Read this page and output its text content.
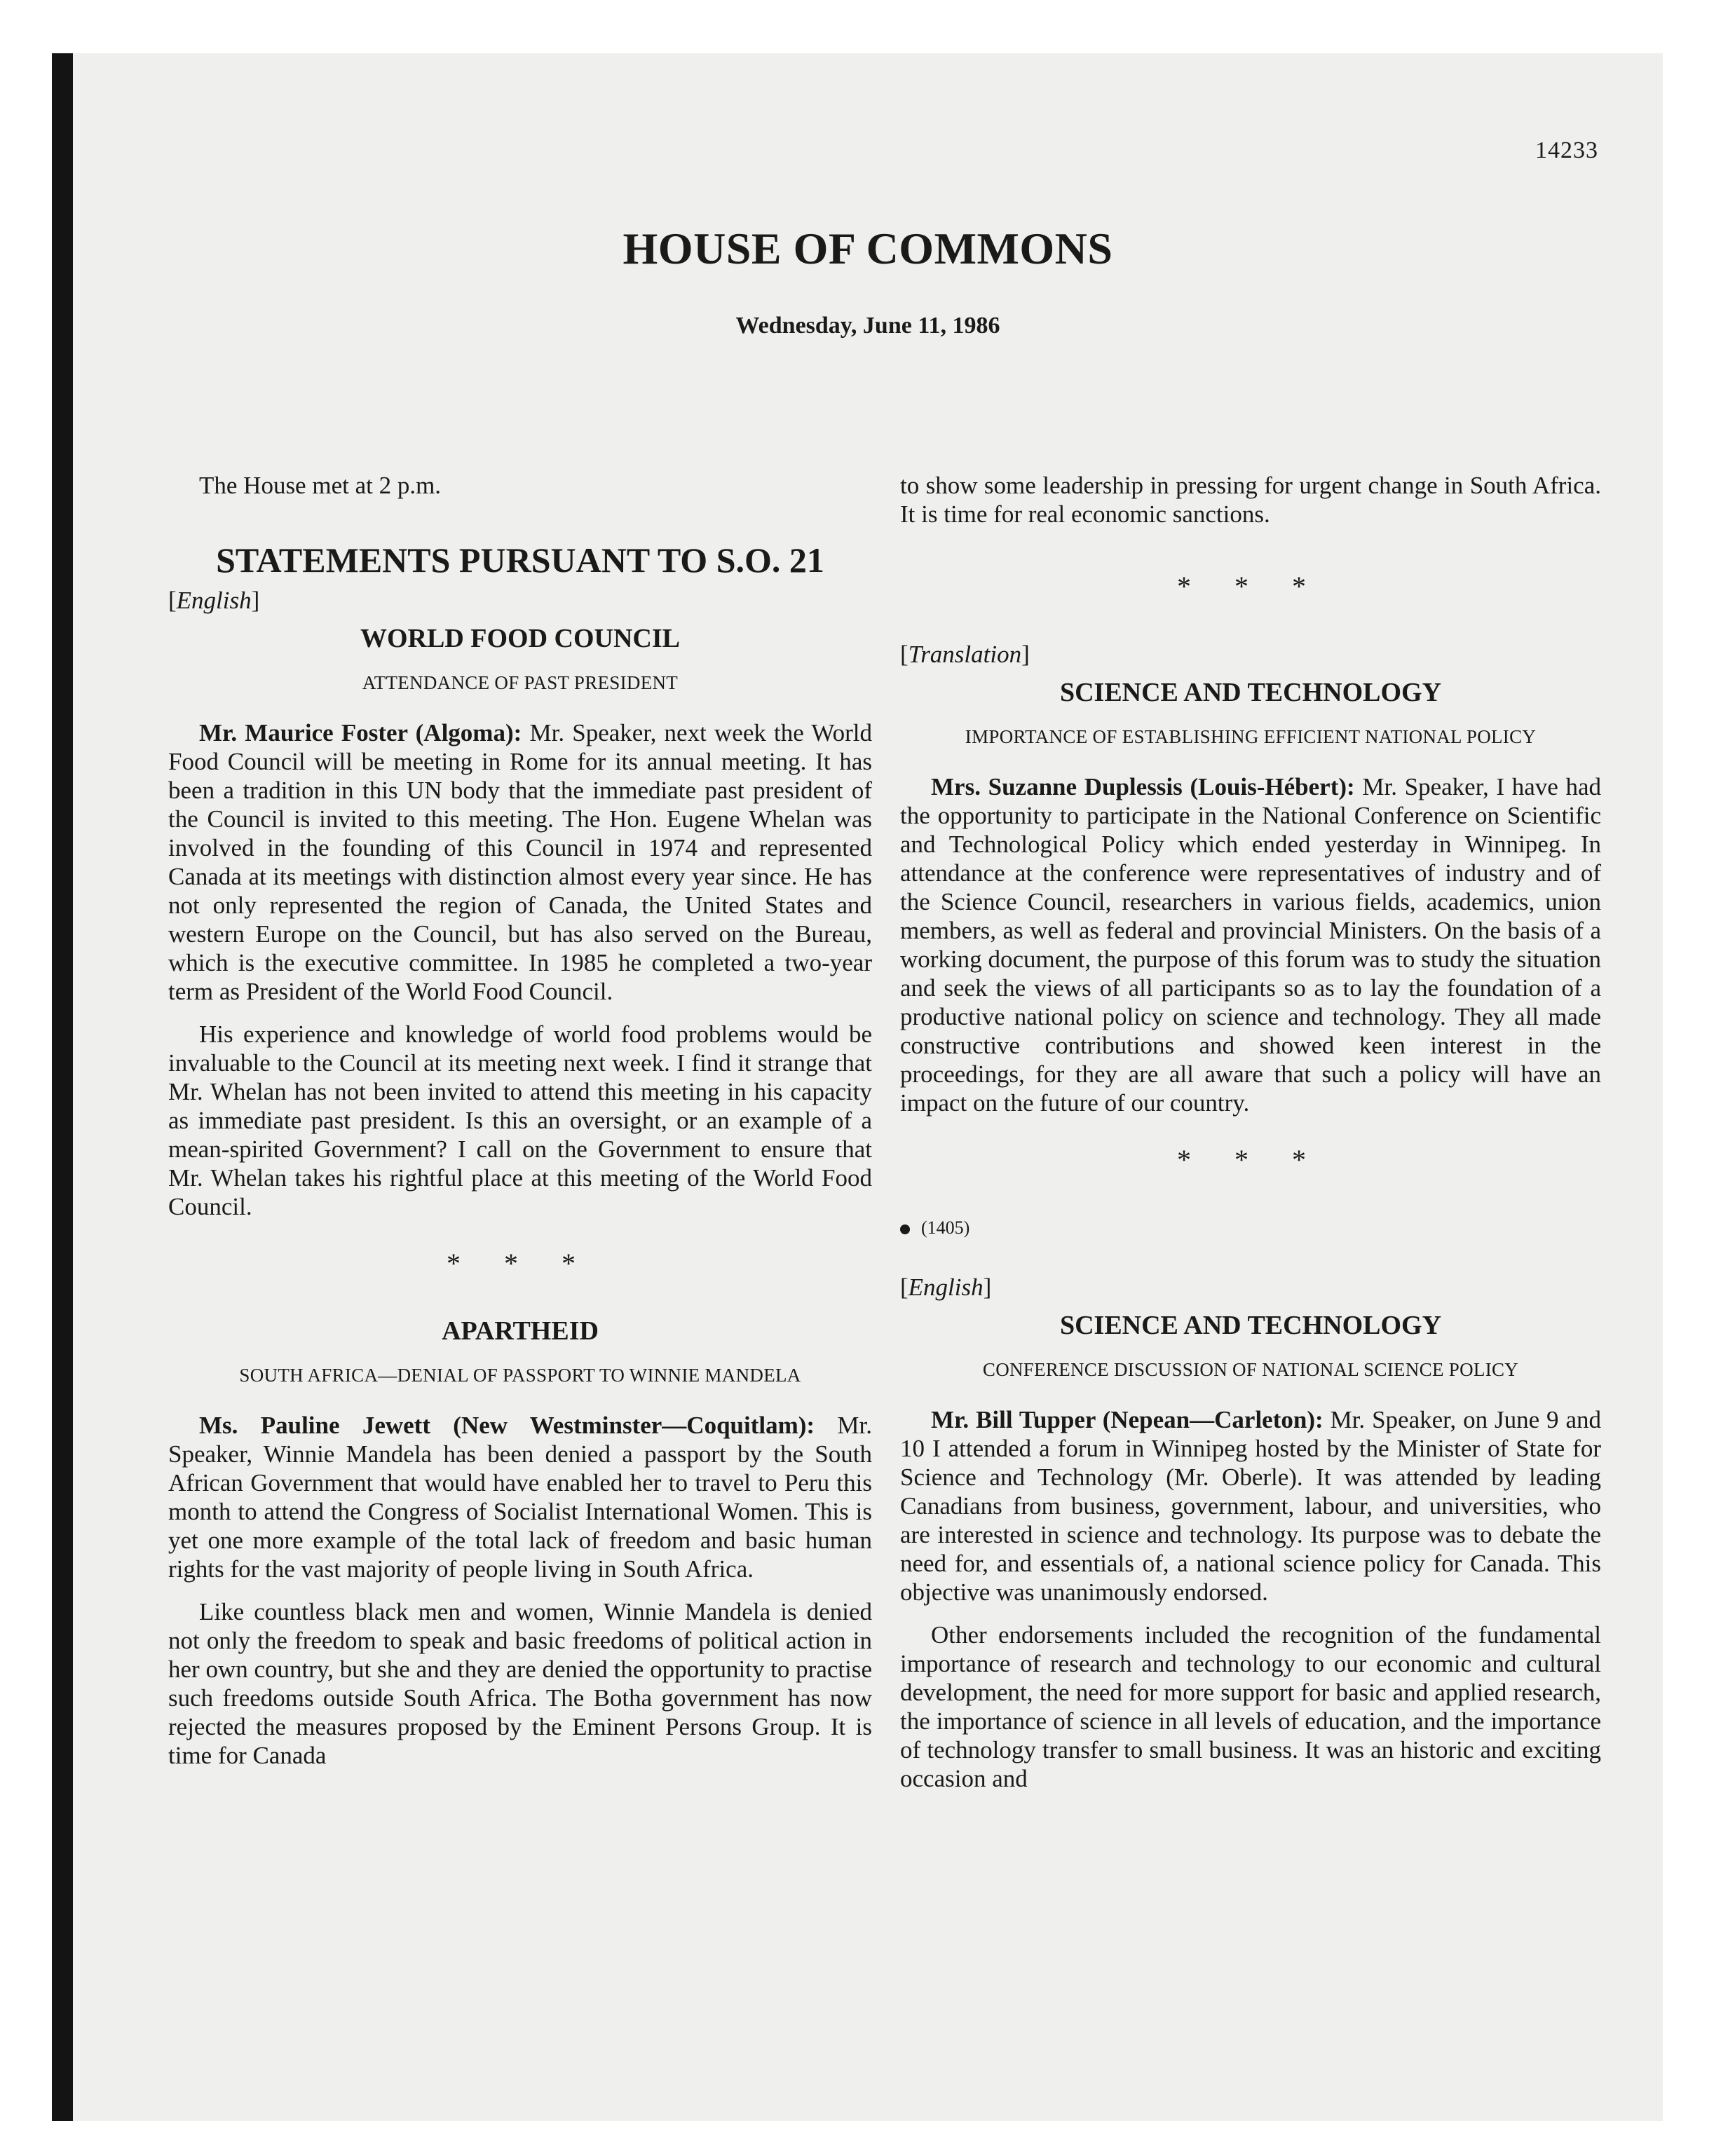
14233
HOUSE OF COMMONS
Wednesday, June 11, 1986

The House met at 2 p.m.

STATEMENTS PURSUANT TO S.O. 21
[English]
WORLD FOOD COUNCIL
ATTENDANCE OF PAST PRESIDENT

Mr. Maurice Foster (Algoma): Mr. Speaker, next week the World Food Council will be meeting in Rome for its annual meeting. It has been a tradition in this UN body that the immediate past president of the Council is invited to this meeting. The Hon. Eugene Whelan was involved in the founding of this Council in 1974 and represented Canada at its meetings with distinction almost every year since. He has not only represented the region of Canada, the United States and western Europe on the Council, but has also served on the Bureau, which is the executive committee. In 1985 he completed a two-year term as President of the World Food Council.

His experience and knowledge of world food problems would be invaluable to the Council at its meeting next week. I find it strange that Mr. Whelan has not been invited to attend this meeting in his capacity as immediate past president. Is this an oversight, or an example of a mean-spirited Government? I call on the Government to ensure that Mr. Whelan takes his rightful place at this meeting of the World Food Council.

* * *
APARTHEID
SOUTH AFRICA—DENIAL OF PASSPORT TO WINNIE MANDELA

Ms. Pauline Jewett (New Westminster—Coquitlam): Mr. Speaker, Winnie Mandela has been denied a passport by the South African Government that would have enabled her to travel to Peru this month to attend the Congress of Socialist International Women. This is yet one more example of the total lack of freedom and basic human rights for the vast majority of people living in South Africa.

Like countless black men and women, Winnie Mandela is denied not only the freedom to speak and basic freedoms of political action in her own country, but she and they are denied the opportunity to practise such freedoms outside South Africa. The Botha government has now rejected the measures proposed by the Eminent Persons Group. It is time for Canada

to show some leadership in pressing for urgent change in South Africa. It is time for real economic sanctions.

* * *
[Translation]
SCIENCE AND TECHNOLOGY
IMPORTANCE OF ESTABLISHING EFFICIENT NATIONAL POLICY

Mrs. Suzanne Duplessis (Louis-Hébert): Mr. Speaker, I have had the opportunity to participate in the National Conference on Scientific and Technological Policy which ended yesterday in Winnipeg. In attendance at the conference were representatives of industry and of the Science Council, researchers in various fields, academics, union members, as well as federal and provincial Ministers. On the basis of a working document, the purpose of this forum was to study the situation and seek the views of all participants so as to lay the foundation of a productive national policy on science and technology. They all made constructive contributions and showed keen interest in the proceedings, for they are all aware that such a policy will have an impact on the future of our country.

* * *
(1405)
[English]
SCIENCE AND TECHNOLOGY
CONFERENCE DISCUSSION OF NATIONAL SCIENCE POLICY

Mr. Bill Tupper (Nepean—Carleton): Mr. Speaker, on June 9 and 10 I attended a forum in Winnipeg hosted by the Minister of State for Science and Technology (Mr. Oberle). It was attended by leading Canadians from business, government, labour, and universities, who are interested in science and technology. Its purpose was to debate the need for, and essentials of, a national science policy for Canada. This objective was unanimously endorsed.

Other endorsements included the recognition of the fundamental importance of research and technology to our economic and cultural development, the need for more support for basic and applied research, the importance of science in all levels of education, and the importance of technology transfer to small business. It was an historic and exciting occasion and
